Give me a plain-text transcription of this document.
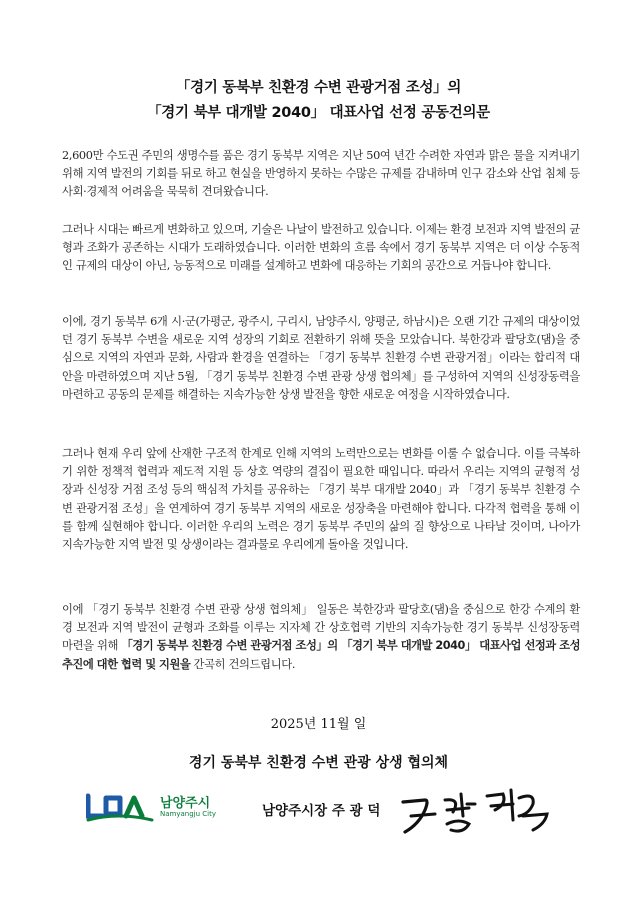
「경기 동북부 친환경 수변 관광거점 조성」의
「경기 북부 대개발 2040」 대표사업 선정 공동건의문

2,600만 수도권 주민의 생명수를 품은 경기 동북부 지역은 지난 50여 년간 수려한 자연과 맑은 물을 지켜내기 위해 지역 발전의 기회를 뒤로 하고 현실을 반영하지 못하는 수많은 규제를 감내하며 인구 감소와 산업 침체 등 사회·경제적 어려움을 묵묵히 견뎌왔습니다.

그러나 시대는 빠르게 변화하고 있으며, 기술은 나날이 발전하고 있습니다. 이제는 환경 보전과 지역 발전의 균형과 조화가 공존하는 시대가 도래하였습니다. 이러한 변화의 흐름 속에서 경기 동북부 지역은 더 이상 수동적인 규제의 대상이 아닌, 능동적으로 미래를 설계하고 변화에 대응하는 기회의 공간으로 거듭나야 합니다.

이에, 경기 동북부 6개 시·군(가평군, 광주시, 구리시, 남양주시, 양평군, 하남시)은 오랜 기간 규제의 대상이었던 경기 동북부 수변을 새로운 지역 성장의 기회로 전환하기 위해 뜻을 모았습니다. 북한강과 팔당호(댐)을 중심으로 지역의 자연과 문화, 사람과 환경을 연결하는 「경기 동북부 친환경 수변 관광거점」이라는 합리적 대안을 마련하였으며 지난 5월, 「경기 동북부 친환경 수변 관광 상생 협의체」를 구성하여 지역의 신성장동력을 마련하고 공동의 문제를 해결하는 지속가능한 상생 발전을 향한 새로운 여정을 시작하였습니다.

그러나 현재 우리 앞에 산재한 구조적 한계로 인해 지역의 노력만으로는 변화를 이룰 수 없습니다. 이를 극복하기 위한 정책적 협력과 제도적 지원 등 상호 역량의 결집이 필요한 때입니다. 따라서 우리는 지역의 균형적 성장과 신성장 거점 조성 등의 핵심적 가치를 공유하는 「경기 북부 대개발 2040」과 「경기 동북부 친환경 수변 관광거점 조성」을 연계하여 경기 동북부 지역의 새로운 성장축을 마련해야 합니다. 다각적 협력을 통해 이를 함께 실현해야 합니다. 이러한 우리의 노력은 경기 동북부 주민의 삶의 질 향상으로 나타날 것이며, 나아가 지속가능한 지역 발전 및 상생이라는 결과물로 우리에게 돌아올 것입니다.

이에 「경기 동북부 친환경 수변 관광 상생 협의체」 일동은 북한강과 팔당호(댐)을 중심으로 한강 수계의 환경 보전과 지역 발전이 균형과 조화를 이루는 지자체 간 상호협력 기반의 지속가능한 경기 동북부 신성장동력 마련을 위해 「경기 동북부 친환경 수변 관광거점 조성」의 「경기 북부 대개발 2040」 대표사업 선정과 조성 추진에 대한 협력 및 지원을 간곡히 건의드립니다.

2025년 11월 일
경기 동북부 친환경 수변 관광 상생 협의체
남양주시
Namyangju City	남양주시장 주 광 덕
